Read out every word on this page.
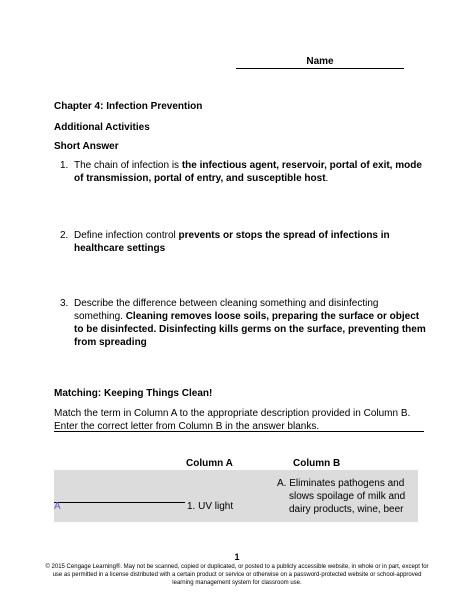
Name
Chapter 4: Infection Prevention
Additional Activities
Short Answer
1. The chain of infection is the infectious agent, reservoir, portal of exit, mode of transmission, portal of entry, and susceptible host.
2. Define infection control prevents or stops the spread of infections in healthcare settings
3. Describe the difference between cleaning something and disinfecting something. Cleaning removes loose soils, preparing the surface or object to be disinfected. Disinfecting kills germs on the surface, preventing them from spreading
Matching: Keeping Things Clean!
Match the term in Column A to the appropriate description provided in Column B. Enter the correct letter from Column B in the answer blanks.
Column A	Column B
A	1. UV light
A. Eliminates pathogens and
slows spoilage of milk and dairy products, wine, beer
1
© 2015 Cengage Learning®. May not be scanned, copied or duplicated, or posted to a publicly accessible website, in whole or in part, except for use as permitted in a license distributed with a certain product or service or otherwise on a password-protected website or school-approved learning management system for classroom use.
